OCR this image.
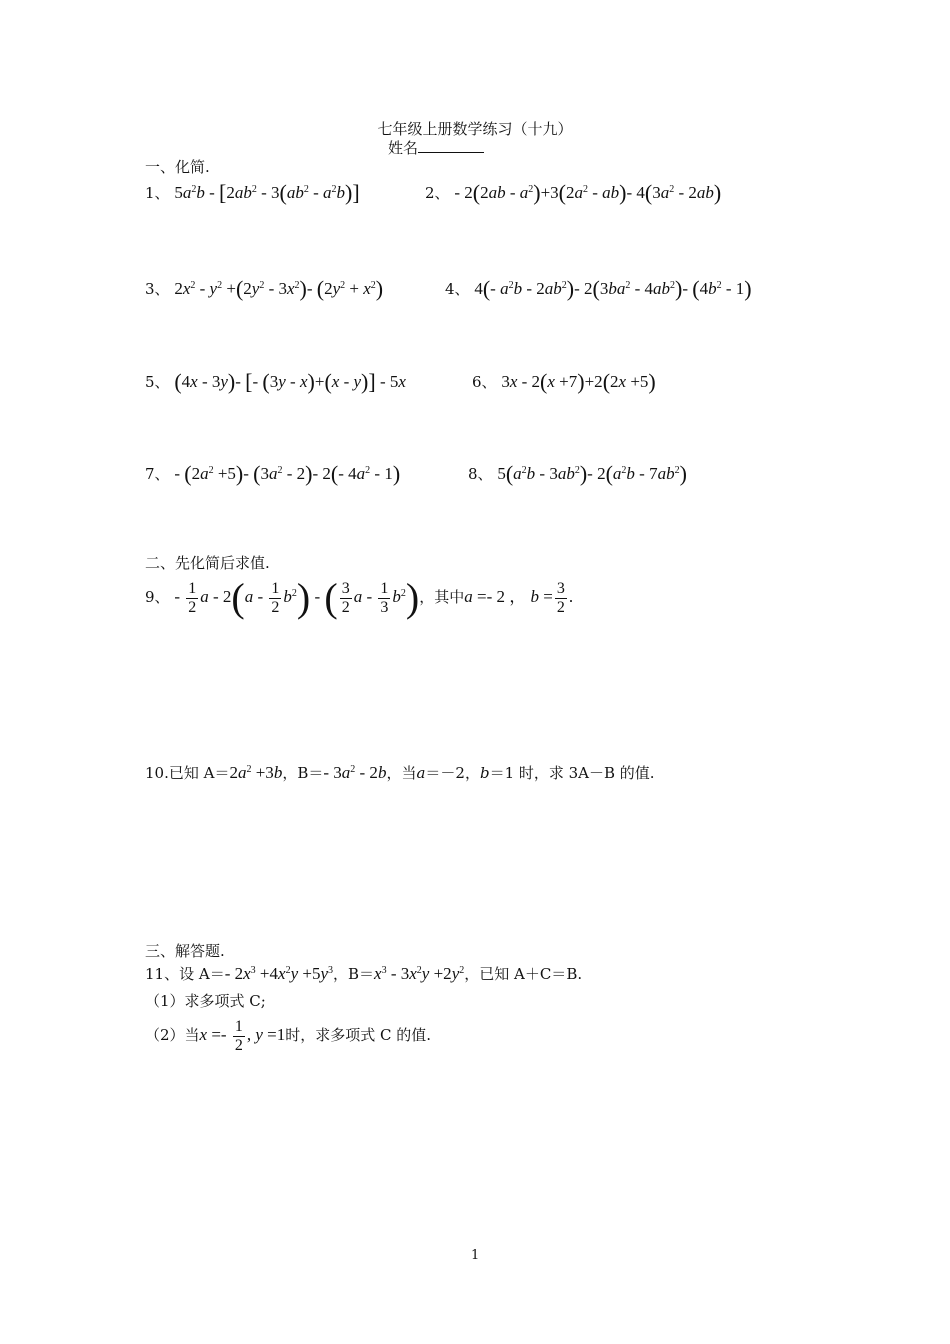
七年级上册数学练习（十九）
姓名
一、化简.
1、 $5a^2b - [2ab^2 - 3(ab^2 - a^2b)]$	2、 - $2(2ab - a^2)+3(2a^2 - ab)-$ $4(3a^2 - 2ab)$
3、 $2x^2 - y^2 +(2y^2 - 3x^2)-$ $(2y^2 + x^2)$	4、 4(- $a^2b - 2ab^2)-$ $2(3ba^2 - 4ab^2)-$ $(4b^2 - 1)$
5、 (4x - 3y)- [- (3y - x)+(x - y)] - 5x	6、 3x - 2(x +7)+2(2x +5)
7、 - $(2a^2 +5)-$ $(3a^2 - 2)-$ 2(- $4a^2 - 1$)	8、 $5(a^2b - 3ab^2)-$ $2(a^2b - 7ab^2)$
二、先化简后求值.
9、 - $\frac{1}{2}$ a - $2(a - \frac{1}{2} b^2)$ - ( $\frac{3}{2}$ a - $\frac{1}{3} b^2$)，其中a =- 2 ， $b = \frac{3}{2}$ .
10.已知 $A=2a^2 +3b$，B＝- $3a^2 - 2b$，当a＝－2，b＝1 时，求 3A－B 的值.
三、解答题.
11、设 A＝- $2x^3 +4x^2y +5y^3$，$B=x^3 - 3x^2y +2y^2$，已知 A＋C＝B.
（1）求多项式 C;
（2）当$x =- \frac{1}{2}$ , y =1时，求多项式 C 的值.
1
